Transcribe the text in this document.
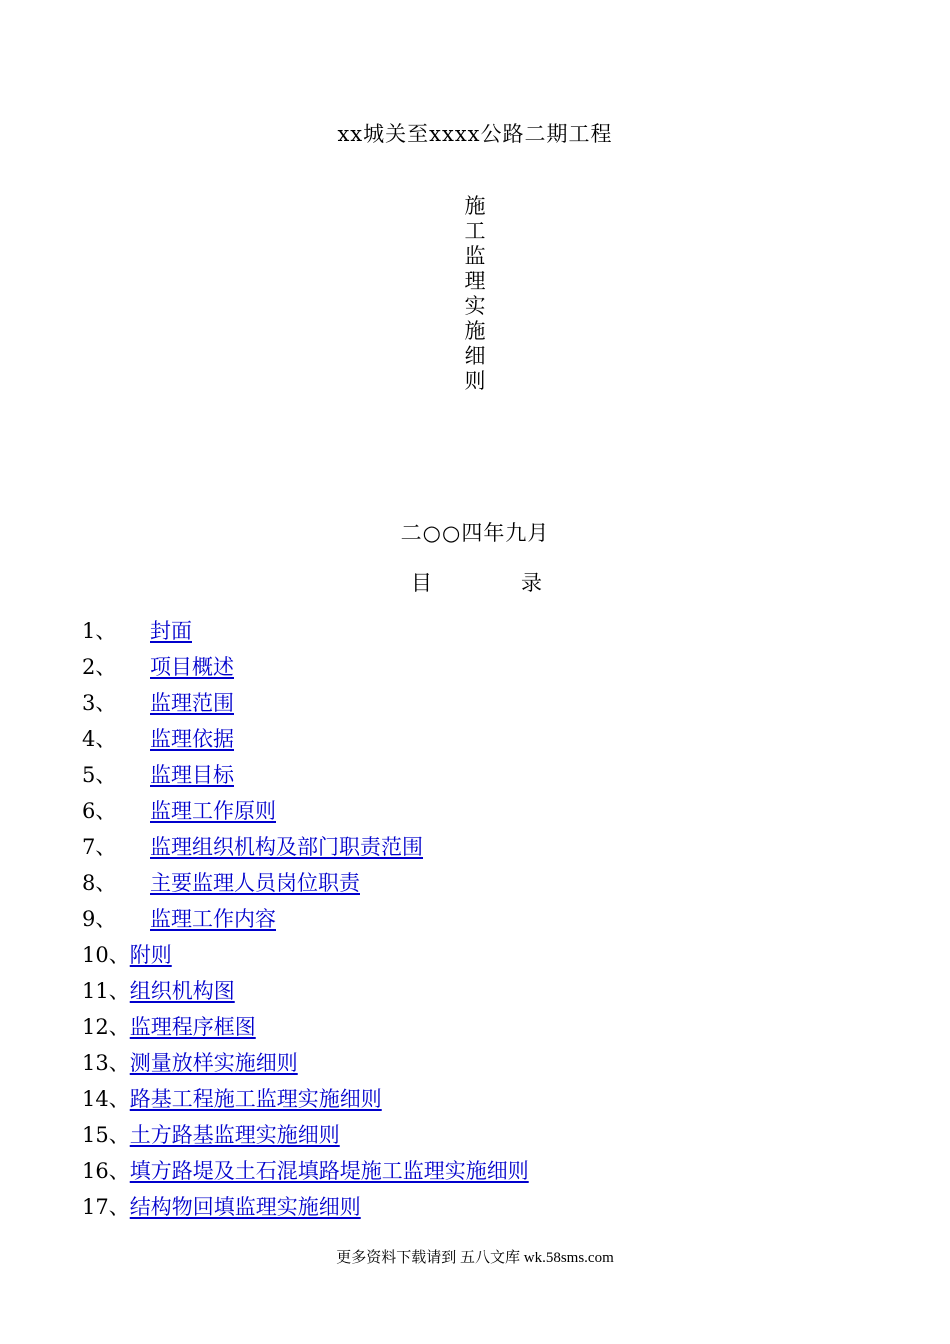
xx城关至xxxx公路二期工程
施
工
监
理
实
施
细
则
二○○四年九月
目	录
1、 封面
2、 项目概述
3、 监理范围
4、 监理依据
5、 监理目标
6、 监理工作原则
7、 监理组织机构及部门职责范围
8、 主要监理人员岗位职责
9、 监理工作内容
10、附则
11、组织机构图
12、监理程序框图
13、测量放样实施细则
14、路基工程施工监理实施细则
15、土方路基监理实施细则
16、填方路堤及土石混填路堤施工监理实施细则
17、结构物回填监理实施细则
更多资料下载请到 五八文库 wk.58sms.com
